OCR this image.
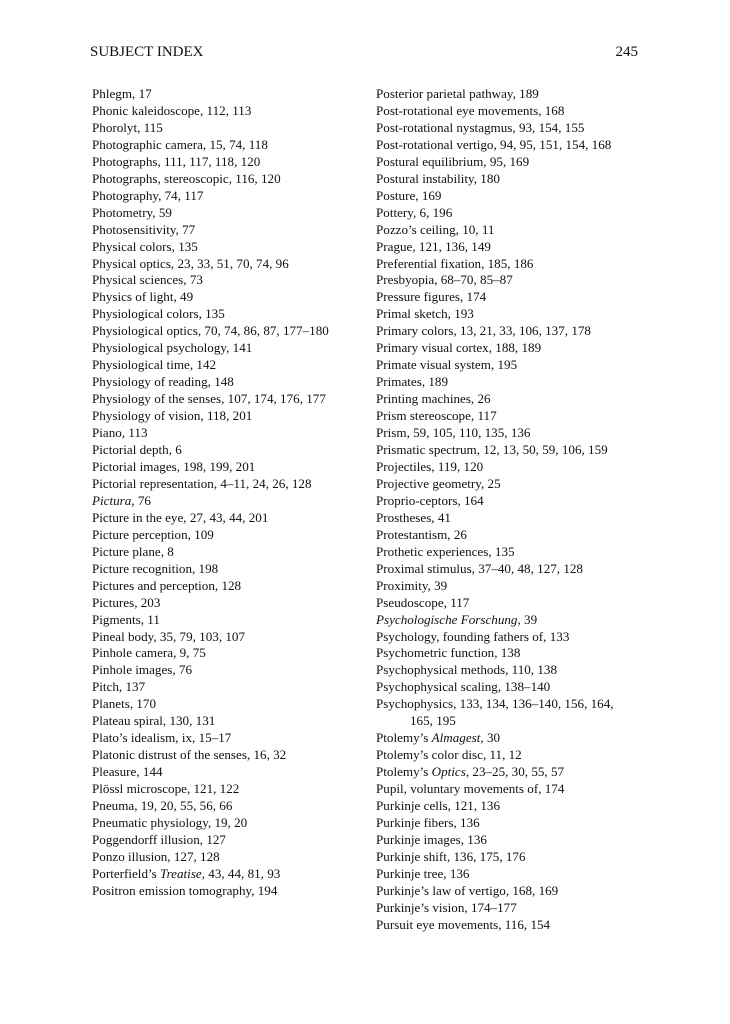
SUBJECT INDEX	245
Phlegm, 17
Phonic kaleidoscope, 112, 113
Phorolyt, 115
Photographic camera, 15, 74, 118
Photographs, 111, 117, 118, 120
Photographs, stereoscopic, 116, 120
Photography, 74, 117
Photometry, 59
Photosensitivity, 77
Physical colors, 135
Physical optics, 23, 33, 51, 70, 74, 96
Physical sciences, 73
Physics of light, 49
Physiological colors, 135
Physiological optics, 70, 74, 86, 87, 177–180
Physiological psychology, 141
Physiological time, 142
Physiology of reading, 148
Physiology of the senses, 107, 174, 176, 177
Physiology of vision, 118, 201
Piano, 113
Pictorial depth, 6
Pictorial images, 198, 199, 201
Pictorial representation, 4–11, 24, 26, 128
Pictura, 76
Picture in the eye, 27, 43, 44, 201
Picture perception, 109
Picture plane, 8
Picture recognition, 198
Pictures and perception, 128
Pictures, 203
Pigments, 11
Pineal body, 35, 79, 103, 107
Pinhole camera, 9, 75
Pinhole images, 76
Pitch, 137
Planets, 170
Plateau spiral, 130, 131
Plato’s idealism, ix, 15–17
Platonic distrust of the senses, 16, 32
Pleasure, 144
Plössl microscope, 121, 122
Pneuma, 19, 20, 55, 56, 66
Pneumatic physiology, 19, 20
Poggendorff illusion, 127
Ponzo illusion, 127, 128
Porterfield’s Treatise, 43, 44, 81, 93
Positron emission tomography, 194
Posterior parietal pathway, 189
Post-rotational eye movements, 168
Post-rotational nystagmus, 93, 154, 155
Post-rotational vertigo, 94, 95, 151, 154, 168
Postural equilibrium, 95, 169
Postural instability, 180
Posture, 169
Pottery, 6, 196
Pozzo’s ceiling, 10, 11
Prague, 121, 136, 149
Preferential fixation, 185, 186
Presbyopia, 68–70, 85–87
Pressure figures, 174
Primal sketch, 193
Primary colors, 13, 21, 33, 106, 137, 178
Primary visual cortex, 188, 189
Primate visual system, 195
Primates, 189
Printing machines, 26
Prism stereoscope, 117
Prism, 59, 105, 110, 135, 136
Prismatic spectrum, 12, 13, 50, 59, 106, 159
Projectiles, 119, 120
Projective geometry, 25
Proprio-ceptors, 164
Prostheses, 41
Protestantism, 26
Prothetic experiences, 135
Proximal stimulus, 37–40, 48, 127, 128
Proximity, 39
Pseudoscope, 117
Psychologische Forschung, 39
Psychology, founding fathers of, 133
Psychometric function, 138
Psychophysical methods, 110, 138
Psychophysical scaling, 138–140
Psychophysics, 133, 134, 136–140, 156, 164, 165, 195
Ptolemy’s Almagest, 30
Ptolemy’s color disc, 11, 12
Ptolemy’s Optics, 23–25, 30, 55, 57
Pupil, voluntary movements of, 174
Purkinje cells, 121, 136
Purkinje fibers, 136
Purkinje images, 136
Purkinje shift, 136, 175, 176
Purkinje tree, 136
Purkinje’s law of vertigo, 168, 169
Purkinje’s vision, 174–177
Pursuit eye movements, 116, 154
